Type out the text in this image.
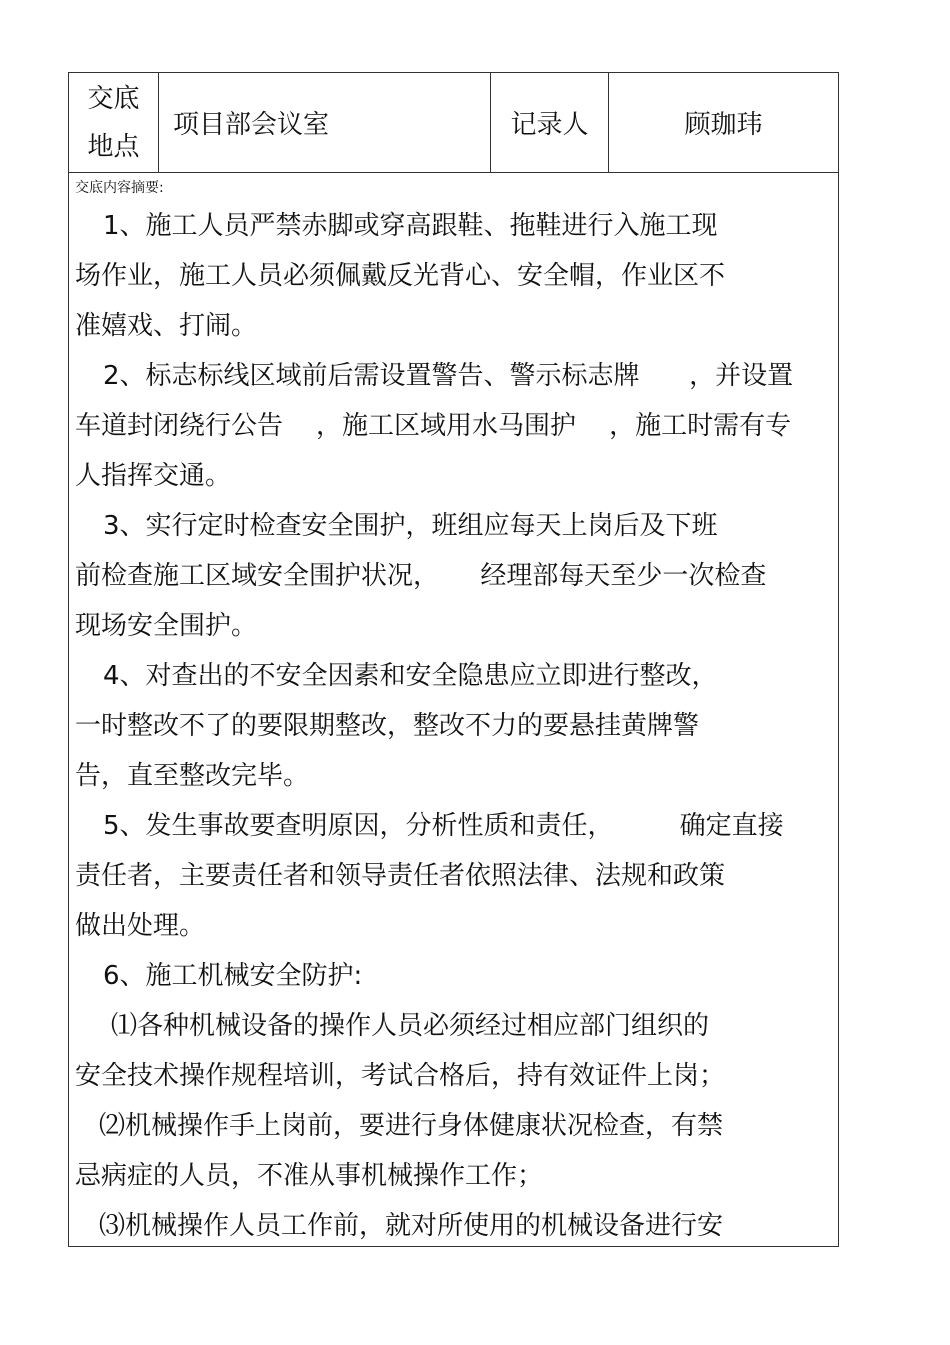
交底
地点
项目部会议室	记录人	顾珈玮
交底内容摘要:
1、施工人员严禁赤脚或穿高跟鞋、拖鞋进行入施工现
场作业，施工人员必须佩戴反光背心、安全帽，作业区不
准嬉戏、打闹。
2、标志标线区域前后需设置警告、警示标志牌      ，并设置
车道封闭绕行公告    ，施工区域用水马围护    ，施工时需有专
人指挥交通。
3、实行定时检查安全围护，班组应每天上岗后及下班
前检查施工区域安全围护状况，     经理部每天至少一次检查
现场安全围护。
4、对查出的不安全因素和安全隐患应立即进行整改，
一时整改不了的要限期整改，整改不力的要悬挂黄牌警
告，直至整改完毕。
5、发生事故要查明原因，分析性质和责任，        确定直接
责任者，主要责任者和领导责任者依照法律、法规和政策
做出处理。
6、施工机械安全防护:
⑴各种机械设备的操作人员必须经过相应部门组织的
安全技术操作规程培训，考试合格后，持有效证件上岗；
⑵机械操作手上岗前，要进行身体健康状况检查，有禁
忌病症的人员，不准从事机械操作工作；
⑶机械操作人员工作前，就对所使用的机械设备进行安
